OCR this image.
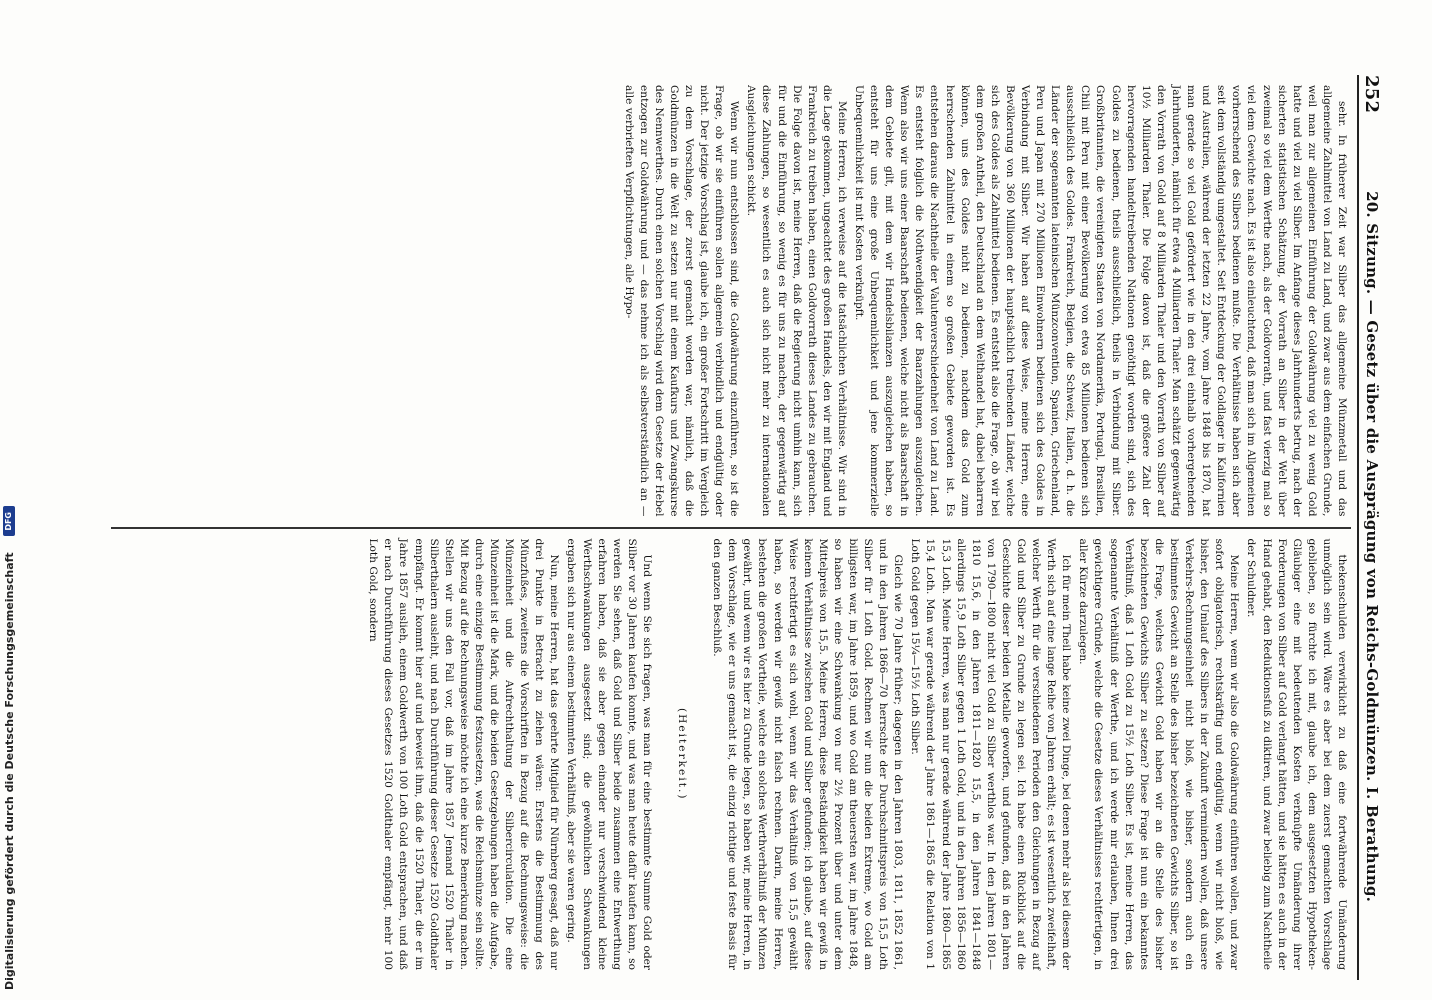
Digitalisierung gefördert durch die Deutsche Forschungsgemeinschaft
DFG
252
20. Sitzung. — Gesetz über die Ausprägung von Reichs-Goldmünzen. I. Berathung.

sehr. In früherer Zeit war Silber das allgemeine Münzmetall und das allgemeine Zahlmittel von Land zu Land, und zwar aus dem einfachen Grunde, weil man zur allgemeinen Einführung der Goldwährung viel zu wenig Gold hatte und viel zu viel Silber. Im Anfange dieses Jahrhunderts betrug, nach der sicherten statistischen Schätzung, der Vorrath an Silber in der Welt über zweimal so viel dem Werthe nach, als der Goldvorrath, und fast vierzig mal so viel dem Gewichte nach. Es ist also einleuchtend, daß man sich im Allgemeinen vorherrschend des Silbers bedienen mußte. Die Verhältnisse haben sich aber seit dem vollständig umgestaltet. Seit Entdeckung der Goldlager in Kalifornien und Australien, während der letzten 22 Jahre, vom Jahre 1848 bis 1870, hat man gerade so viel Gold gefördert wie in den drei einhalb vorhergehenden Jahrhunderten, nämlich für etwa 4 Milliarden Thaler. Man schätzt gegenwärtig den Vorrath von Gold auf 8 Milliarden Thaler und den Vorrath von Silber auf 10½ Milliarden Thaler. Die Folge davon ist, daß die größere Zahl der hervorragenden handeltreibenden Nationen genöthigt worden sind, sich des Goldes zu bedienen, theils ausschließlich, theils in Verbindung mit Silber. Großbritannien, die vereinigten Staaten von Nordamerika, Portugal, Brasilien, Chili mit Peru mit einer Bevölkerung von etwa 85 Millionen bedienen sich ausschließlich des Goldes. Frankreich, Belgien, die Schweiz, Italien, d. h. die Länder der sogenannten lateinischen Münzconvention, Spanien, Griechenland, Peru und Japan mit 270 Millionen Einwohnern bedienen sich des Goldes in Verbindung mit Silber. Wir haben auf diese Weise, meine Herren, eine Bevölkerung von 360 Millionen der hauptsächlich treibenden Länder, welche sich des Goldes als Zahlmittel bedienen. Es entsteht also die Frage, ob wir bei dem großen Antheil, den Deutschland an dem Welthandel hat, dabei beharren können, uns des Goldes nicht zu bedienen, nachdem das Gold zum herrschenden Zahlmittel in einem so großen Gebiete geworden ist. Es entstehen daraus die Nachtheile der Valutenverschiedenheit von Land zu Land. Es entsteht folglich die Nothwendigkeit der Baarzahlungen auszugleichen. Wenn also wir uns einer Baarschaft bedienen, welche nicht als Baarschaft in dem Gebiete gilt, mit dem wir Handelsbilanzen auszugleichen haben, so entsteht für uns eine große Unbequemlichkeit und jene kommerzielle Unbequemlichkeit ist mit Kosten verknüpft.

Meine Herren, ich verweise auf die tatsächlichen Verhältnisse. Wir sind in die Lage gekommen, ungeachtet des großen Handels, den wir mit England und Frankreich zu treiben haben, einen Goldvorrath dieses Landes zu gebrauchen. Die Folge davon ist, meine Herren, daß die Regierung nicht umhin kann, sich für und die Einführung, so wenig es für uns zu machen, der gegenwärtig auf diese Zahlungen, so wesentlich es auch sich nicht mehr zu internationalen Ausgleichungen schickt.

Wenn wir nun entschlossen sind, die Goldwährung einzuführen, so ist die Frage, ob wir sie einführen sollen allgemein verbindlich und endgültig oder nicht. Der jetzige Vorschlag ist, glaube ich, ein großer Fortschritt im Vergleich zu dem Vorschlage, der zuerst gemacht worden war, nämlich, daß die Goldmünzen in die Welt zu setzen nur mit einem Kaufkurs und Zwangskurse des Nennwerthes. Durch einen solchen Vorschlag wird dem Gesetze der Hebel entzogen zur Goldwährung und — das nehme ich als selbstverständlich an — alle verbrieften Verpflichtungen, alle Hypo-

thekenschulden verwirklicht zu daß eine fortwährende Umänderung unmöglich sein wird. Wäre es aber bei dem zuerst gemachten Vorschlage geblieben, so fürchte ich mit, glaube ich, dem ausgesetzten Hypotheken-Gläubiger eine mit bedeutenden Kosten verknüpfte Umänderung ihrer Forderungen von Silber auf Gold verlangt hätten, und sie hätten es auch in der Hand gehabt, den Reduktionsfuß zu diktiren, und zwar beliebig zum Nachtheile der Schuldner.

Meine Herren, wenn wir also die Goldwährung einführen wollen, und zwar sofort obligatorisch, rechtskräftig und endgültig, wenn wir nicht bloß, wie bisher, den Umlauf des Silbers in der Zukunft vermindern wollen, daß unsere Verkehrs-Rechnungseinheit nicht bloß, wie bisher, sondern auch ein bestimmtes Gewicht an Stelle des bisher bezeichneten Gewichts Silber, so ist die Frage, welches Gewicht Gold haben wir an die Stelle des bisher bezeichneten Gewichts Silber zu setzen? Diese Frage ist nun ein bekanntes Verhältniß, daß 1 Loth Gold zu 15½ Loth Silber. Es ist, meine Herren, das sogenannte Verhältniß der Werthe, und ich werde mir erlauben, Ihnen drei gewichtigere Gründe, welche die Gesetze dieses Verhältnisses rechtfertigen, in aller Kürze darzulegen.

Ich für mein Theil habe keine zwei Dinge, bei denen mehr als bei diesem der Werth sich auf eine lange Reihe von Jahren erhält; es ist wesentlich zweifelhaft, welcher Werth für die verschiedenen Perioden den Gleichungen in Bezug auf Gold und Silber zu Grunde zu legen sei. Ich habe einen Rückblick auf die Geschichte dieser beiden Metalle geworfen, und gefunden, daß in den Jahren von 1790—1800 nicht viel Gold zu Silber werthlos war. In den Jahren 1801—1810 15,6, in den Jahren 1811—1820 15,5, in den Jahren 1841—1848 allerdings 15,9 Loth Silber gegen 1 Loth Gold, und in den Jahren 1856—1860 15,3 Loth. Meine Herren, was man nur gerade während der Jahre 1860—1865 15,4 Loth. Man war gerade während der Jahre 1861—1865 die Relation von 1 Loth Gold gegen 15¼—15½ Loth Silber.

Gleich wie 70 Jahre früher; dagegen in den Jahren 1803, 1811, 1852 1861, und in den Jahren 1866—70 herrschte der Durchschnittspreis von 15,5 Loth Silber für 1 Loth Gold. Rechnen wir nun die beiden Extreme, wo Gold am billigsten war, im Jahre 1859, und wo Gold am theuersten war, im Jahre 1848, so haben wir eine Schwankung von nur 2½ Prozent über und unter dem Mittelpreis von 15,5. Meine Herren, diese Beständigkeit haben wir gewiß in keinem Verhältnisse zwischen Gold und Silber gefunden; ich glaube, auf diese Weise rechtfertigt es sich wohl, wenn wir das Verhältniß von 15,5 gewählt haben, so werden wir gewiß nicht falsch rechnen. Darin, meine Herren, bestehen die großen Vortheile, welche ein solches Werthverhältniß der Münzen gewährt, und wenn wir es hier zu Grunde legen, so haben wir, meine Herren, in dem Vorschlage, wie er uns gemacht ist, die einzig richtige und feste Basis für den ganzen Beschluß.

(Heiterkeit.)

Und wenn Sie sich fragen, was man für eine bestimmte Summe Gold oder Silber vor 30 Jahren kaufen konnte, und was man heute dafür kaufen kann, so werden Sie sehen, daß Gold und Silber beide zusammen eine Entwerthung erfahren haben, daß sie aber gegen einander nur verschwindend kleine Werthschwankungen ausgesetzt sind; die gewöhnlichen Schwankungen ergaben sich nur aus einem bestimmten Verhältniß, aber sie waren gering.

Nun, meine Herren, hat das geehrte Mitglied für Nürnberg gesagt, daß nur drei Punkte in Betracht zu ziehen wären: Erstens die Bestimmung des Münzfußes, zweitens die Vorschriften in Bezug auf die Rechnungsweise: die Münzeinheit und die Aufrechthaltung der Silbercirculation. Die eine Münzeinheit ist die Mark, und die beiden Gesetzgebungen haben die Aufgabe, durch eine einzige Bestimmung festzusetzen, was die Reichsmünze sein sollte. Mit Bezug auf die Rechnungsweise möchte ich eine kurze Bemerkung machen. Stellen wir uns den Fall vor, daß im Jahre 1857 Jemand 1520 Thaler in Silberthalern ausleiht, und nach Durchführung dieser Gesetze 1520 Goldthaler empfängt. Er kommt hier auf und beweist ihm, daß die 1520 Thaler, die er im Jahre 1857 auslieh, einem Goldwerth von 100 Loth Gold entsprachen, und daß er nach Durchführung dieses Gesetzes 1520 Goldthaler empfängt, mehr 100 Loth Gold, sondern
